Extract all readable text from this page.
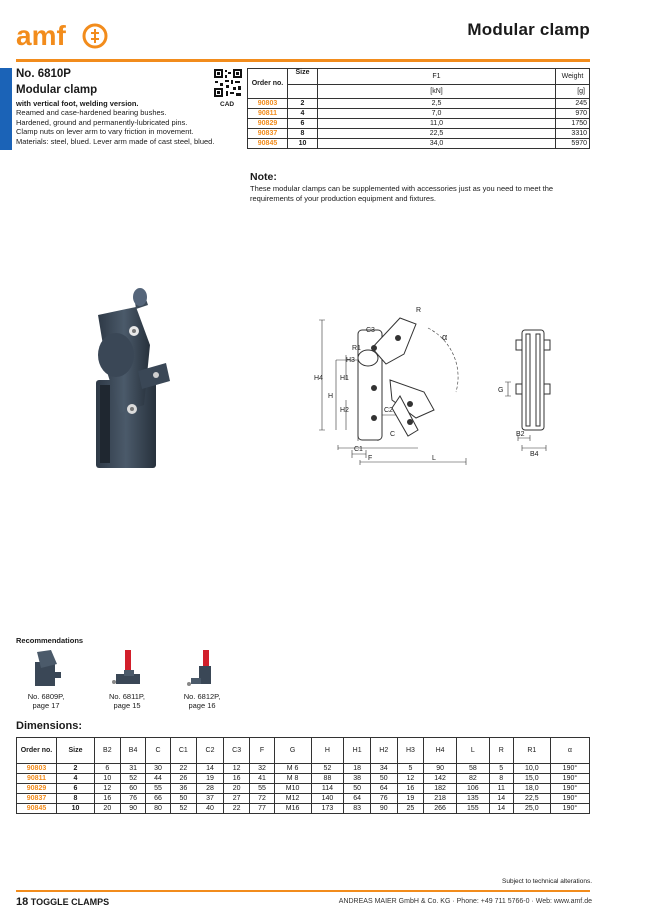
amf	Modular clamp
No. 6810P
Modular clamp
with vertical foot, welding version.
Reamed and case-hardened bearing bushes.
Hardened, ground and permanently-lubricated pins.
Clamp nuts on lever arm to vary friction in movement.
Materials: steel, blued. Lever arm made of cast steel, blued.
CAD
Order no.	Size	F1	Weight
		[kN]	[g]
90803	2	2,5	245
90811	4	7,0	970
90829	6	11,0	1750
90837	8	22,5	3310
90845	10	34,0	5970
Note:
These modular clamps can be supplemented with accessories just as you need to meet the requirements of your production equipment and fixtures.
R
C3
α
R1
H3
H1
H4
H
H2	C2
C
C1
F	L
G
B2
B4
Recommendations
No. 6809P,
page 17
No. 6811P,
page 15
No. 6812P,
page 16
Dimensions:
Order no.	Size	B2	B4	C	C1	C2	C3	F	G	H	H1	H2	H3	H4	L	R	R1	α
90803	2	6	31	30	22	14	12	32	M 6	52	18	34	5	90	58	5	10,0	190°
90811	4	10	52	44	26	19	16	41	M 8	88	38	50	12	142	82	8	15,0	190°
90829	6	12	60	55	36	28	20	55	M10	114	50	64	16	182	106	11	18,0	190°
90837	8	16	76	66	50	37	27	72	M12	140	64	76	19	218	135	14	22,5	190°
90845	10	20	90	80	52	40	22	77	M16	173	83	90	25	266	155	14	25,0	190°
Subject to technical alterations.
18 TOGGLE CLAMPS	ANDREAS MAIER GmbH & Co. KG · Phone: +49 711 5766-0 · Web: www.amf.de
